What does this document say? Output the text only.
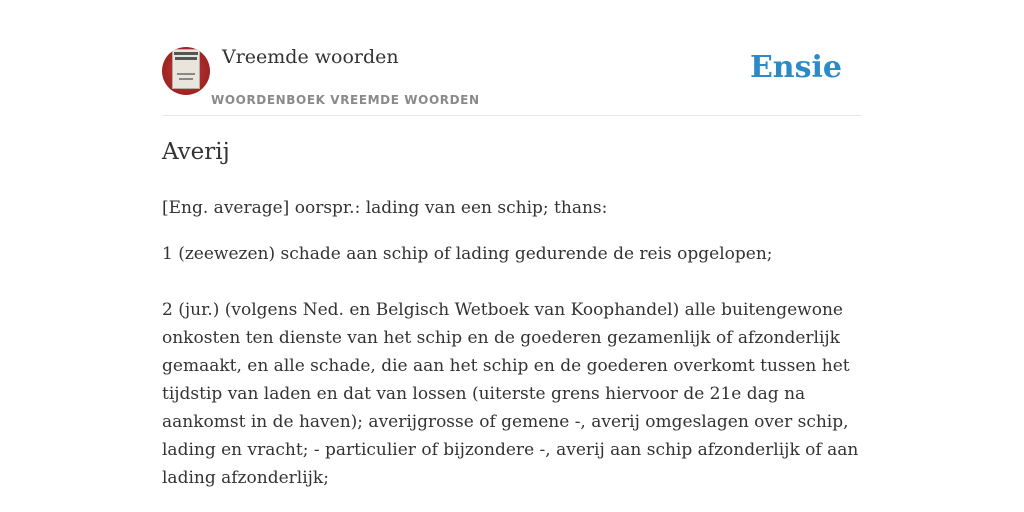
Vreemde woorden
WOORDENBOEK VREEMDE WOORDEN
Ensie
Averij

[Eng. average] oorspr.: lading van een schip; thans:

1 (zeewezen) schade aan schip of lading gedurende de reis opgelopen;

2 (jur.) (volgens Ned. en Belgisch Wetboek van Koophandel) alle buitengewone onkosten ten dienste van het schip en de goederen gezamenlijk of afzonderlijk gemaakt, en alle schade, die aan het schip en de goederen overkomt tussen het tijdstip van laden en dat van lossen (uiterste grens hiervoor de 21e dag na aankomst in de haven); averijgrosse of gemene -, averij omgeslagen over schip, lading en vracht; - particulier of bijzondere -, averij aan schip afzonderlijk of aan lading afzonderlijk;
